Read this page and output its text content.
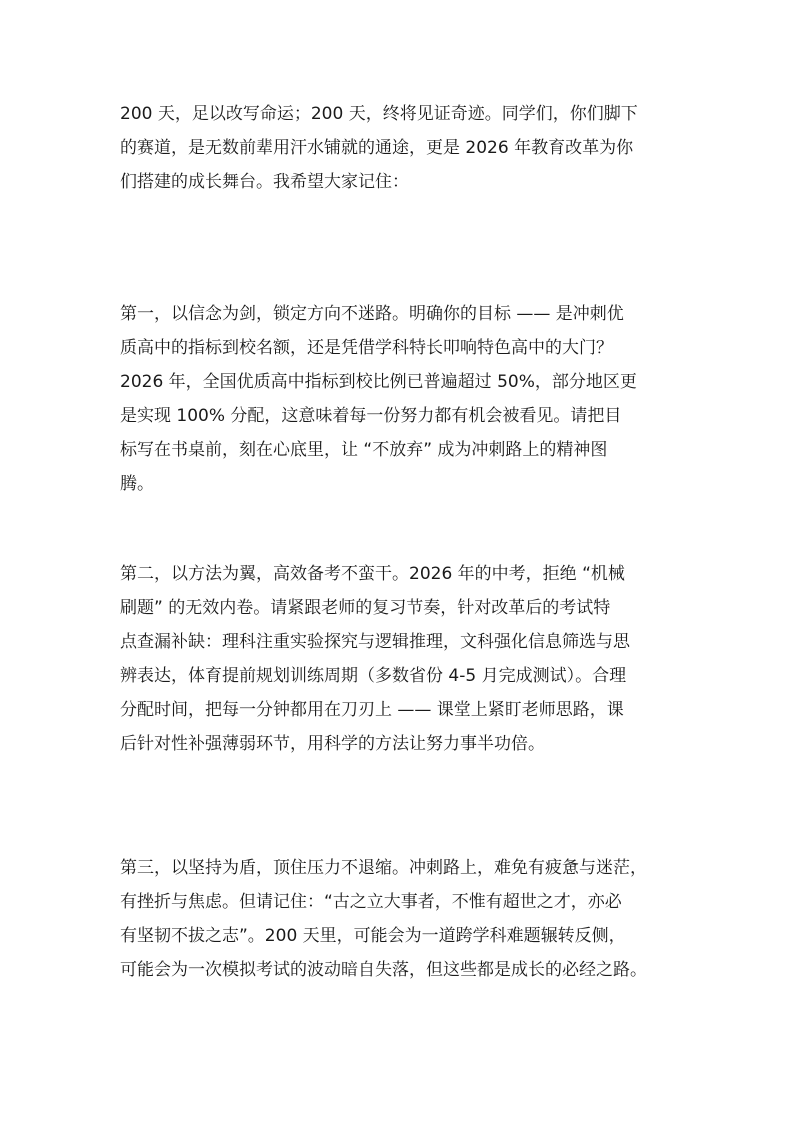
200 天，足以改写命运；200 天，终将见证奇迹。同学们，你们脚下
的赛道，是无数前辈用汗水铺就的通途，更是 2026 年教育改革为你
们搭建的成长舞台。我希望大家记住：
第一，以信念为剑，锁定方向不迷路。明确你的目标 —— 是冲刺优
质高中的指标到校名额，还是凭借学科特长叩响特色高中的大门？
2026 年，全国优质高中指标到校比例已普遍超过 50%，部分地区更
是实现 100% 分配，这意味着每一份努力都有机会被看见。请把目
标写在书桌前，刻在心底里，让 “不放弃” 成为冲刺路上的精神图
腾。
第二，以方法为翼，高效备考不蛮干。2026 年的中考，拒绝 “机械
刷题” 的无效内卷。请紧跟老师的复习节奏，针对改革后的考试特
点查漏补缺：理科注重实验探究与逻辑推理，文科强化信息筛选与思
辨表达，体育提前规划训练周期（多数省份 4-5 月完成测试）。合理
分配时间，把每一分钟都用在刀刃上 —— 课堂上紧盯老师思路，课
后针对性补强薄弱环节，用科学的方法让努力事半功倍。
第三，以坚持为盾，顶住压力不退缩。冲刺路上，难免有疲惫与迷茫，
有挫折与焦虑。但请记住：“古之立大事者，不惟有超世之才，亦必
有坚韧不拔之志”。200 天里，可能会为一道跨学科难题辗转反侧，
可能会为一次模拟考试的波动暗自失落，但这些都是成长的必经之路。
